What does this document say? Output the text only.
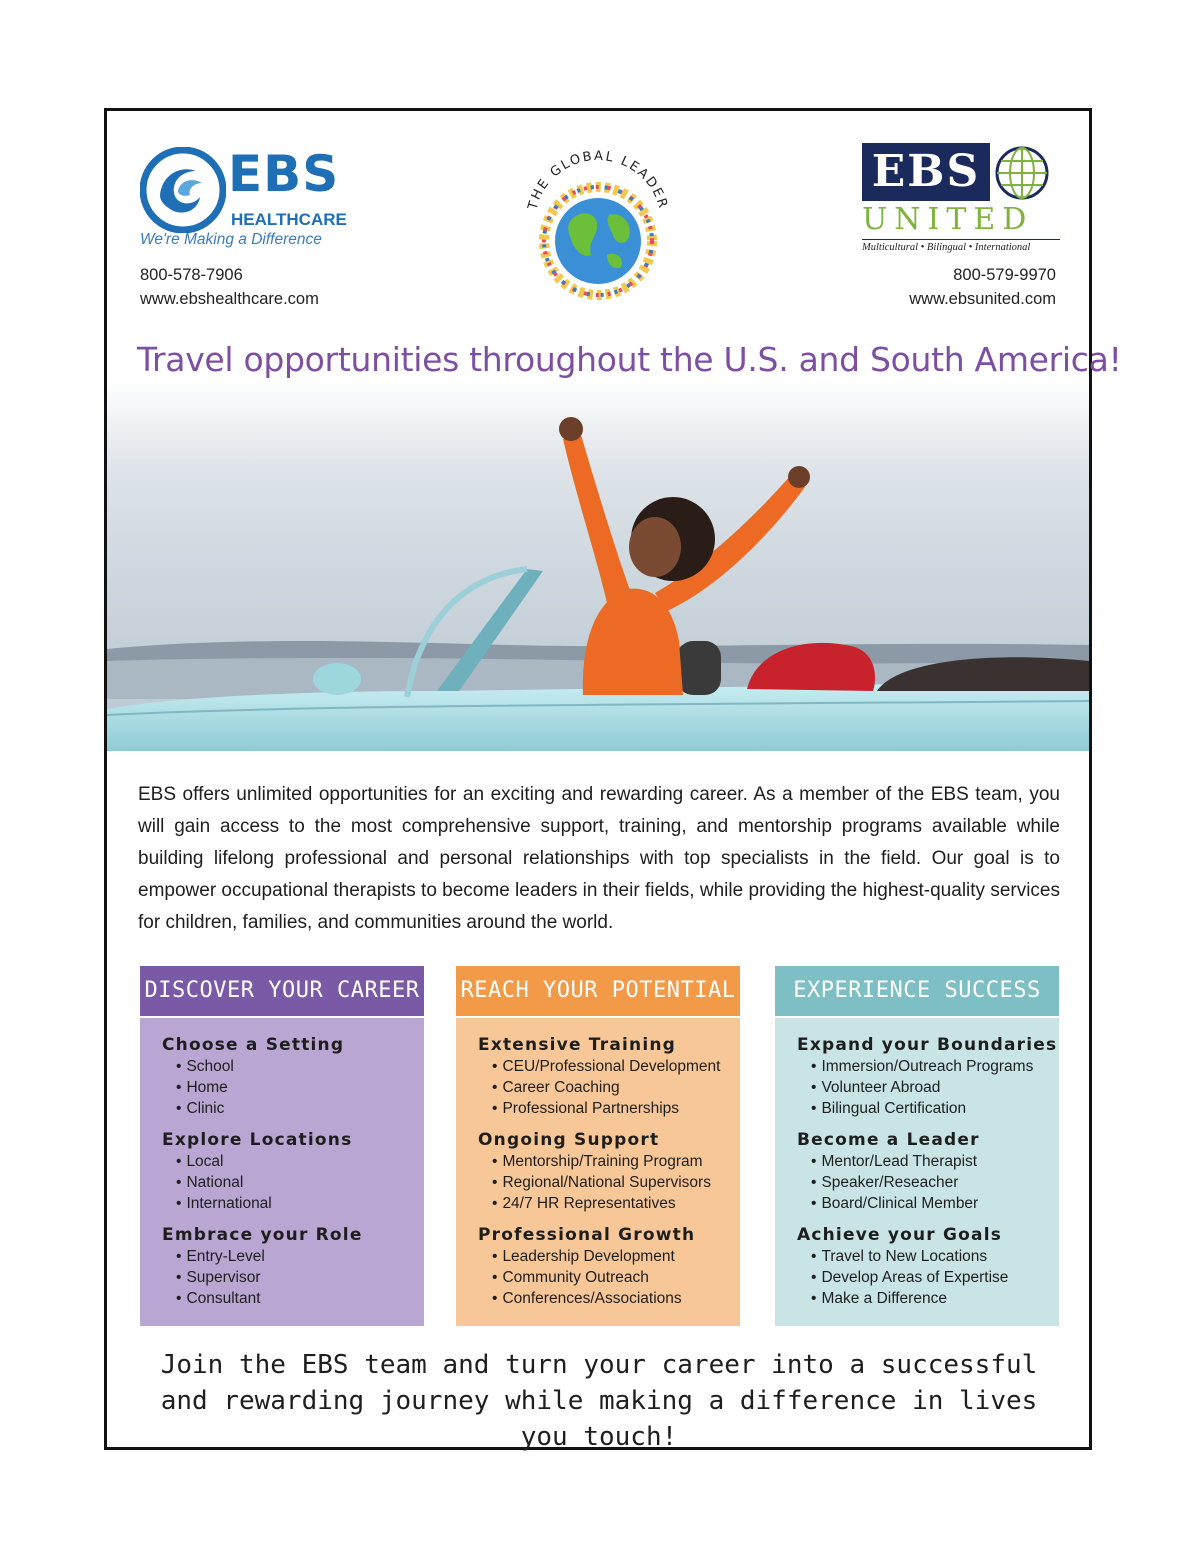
EBS
HEALTHCARE
We're Making a Difference
800-578-7906
www.ebshealthcare.com
THE GLOBAL LEADER
EBS
UNITED
Multicultural • Bilingual • International
800-579-9970
www.ebsunited.com
Travel opportunities throughout the U.S. and South America!
EBS offers unlimited opportunities for an exciting and rewarding career. As a member of the EBS team, you will gain access to the most comprehensive support, training, and mentorship programs available while building lifelong professional and personal relationships with top specialists in the field. Our goal is to empower occupational therapists to become leaders in their fields, while providing the highest-quality services for children, families, and communities around the world.
DISCOVER YOUR CAREER
Choose a Setting
• School
• Home
• Clinic
Explore Locations
• Local
• National
• International
Embrace your Role
• Entry-Level
• Supervisor
• Consultant
REACH YOUR POTENTIAL
Extensive Training
• CEU/Professional Development
• Career Coaching
• Professional Partnerships
Ongoing Support
• Mentorship/Training Program
• Regional/National Supervisors
• 24/7 HR Representatives
Professional Growth
• Leadership Development
• Community Outreach
• Conferences/Associations
EXPERIENCE SUCCESS
Expand your Boundaries
• Immersion/Outreach Programs
• Volunteer Abroad
• Bilingual Certification
Become a Leader
• Mentor/Lead Therapist
• Speaker/Reseacher
• Board/Clinical Member
Achieve your Goals
• Travel to New Locations
• Develop Areas of Expertise
• Make a Difference
Join the EBS team and turn your career into a successful and rewarding journey while making a difference in lives you touch!
